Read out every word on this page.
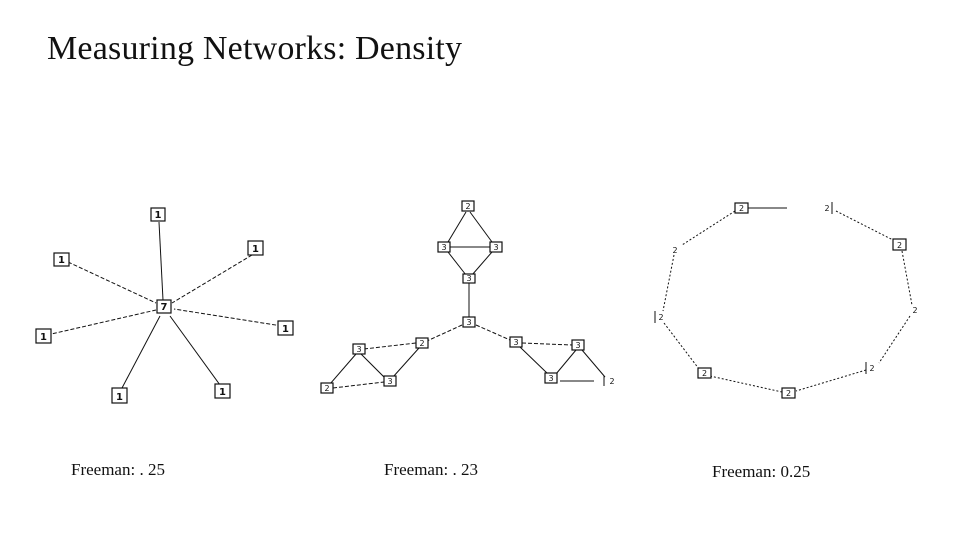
Measuring Networks: Density
7
1
1
1
1
1
1	1
2
3	3
3
3
3
2
3
2
3	3
3	2
2	2
2
2
2
2
2
2
2
Freeman: . 25	Freeman: . 23	Freeman: 0.25
